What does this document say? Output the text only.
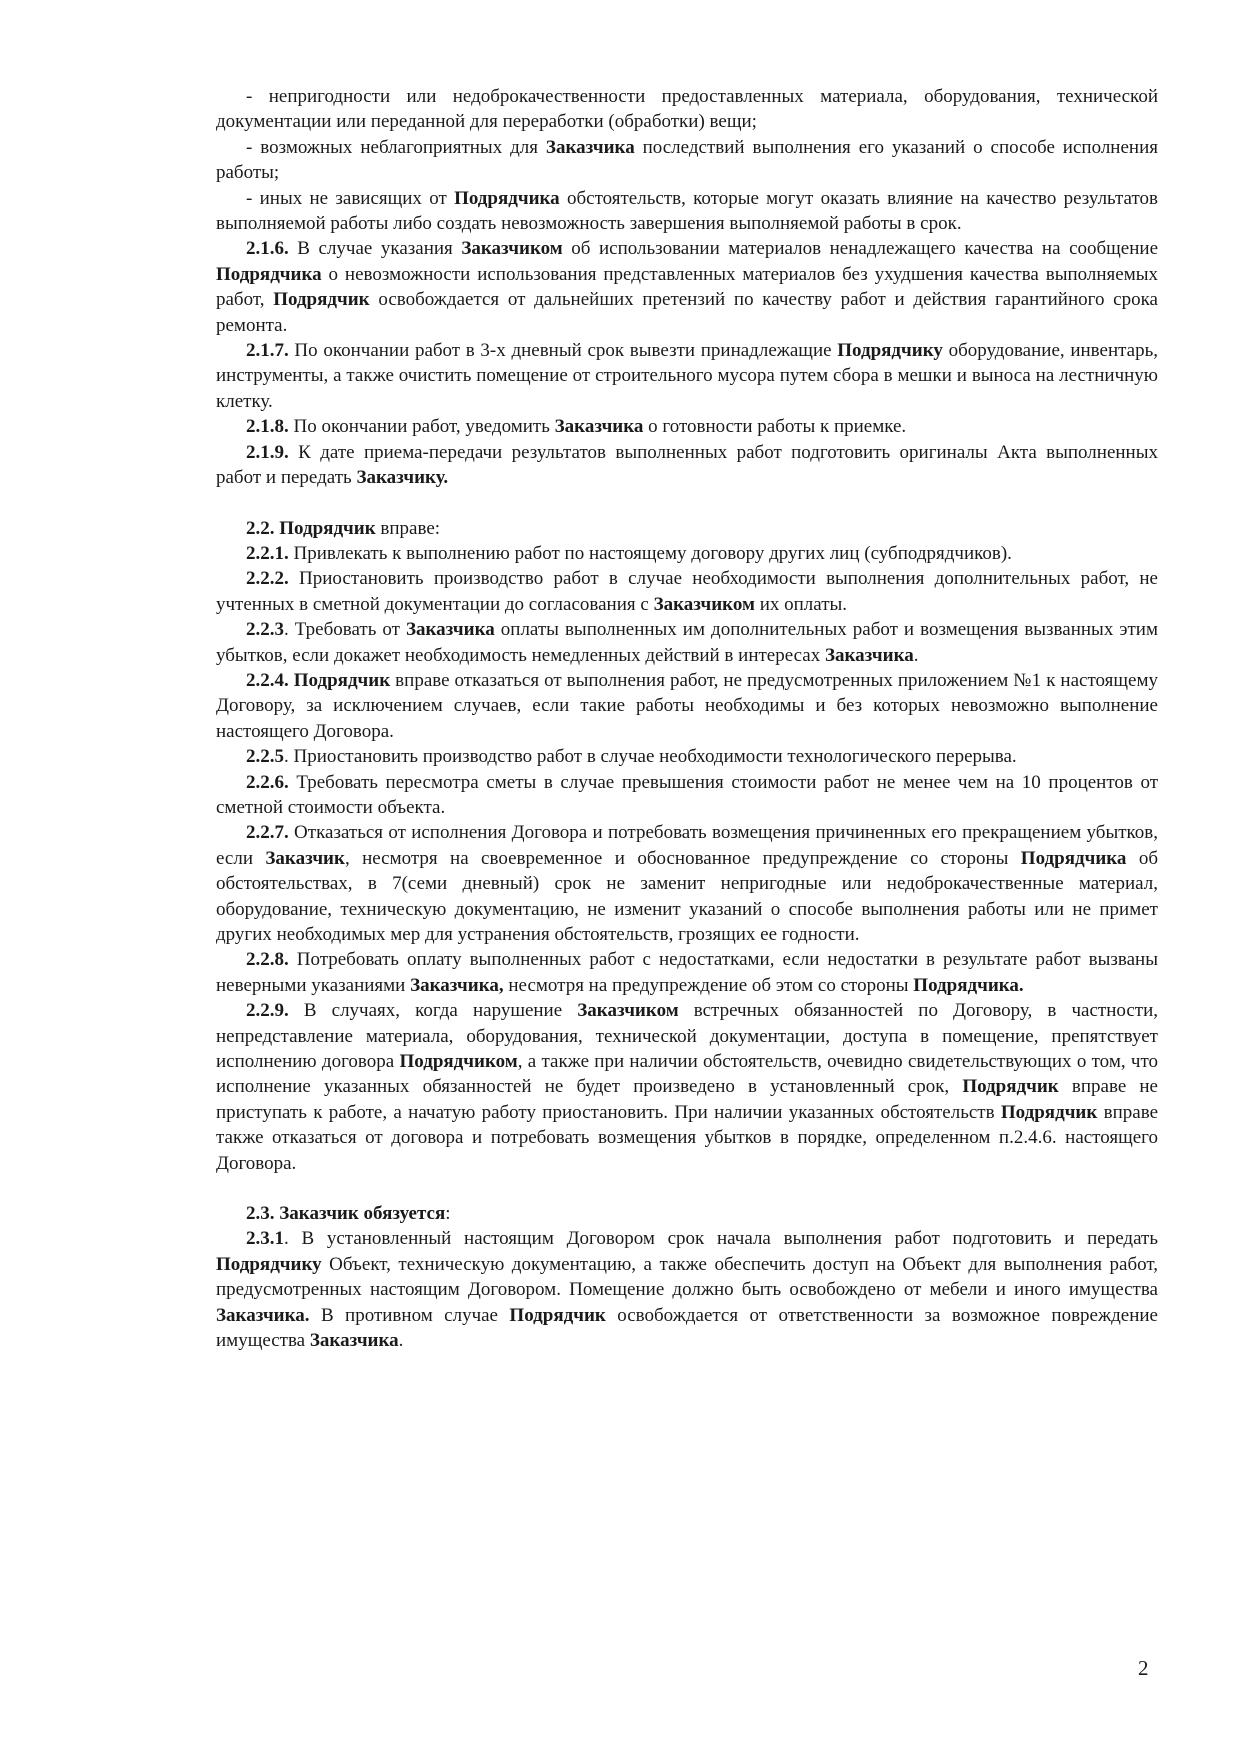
- непригодности или недоброкачественности предоставленных материала, оборудования, технической документации или переданной для переработки (обработки) вещи;

- возможных неблагоприятных для Заказчика последствий выполнения его указаний о способе исполнения работы;

- иных не зависящих от Подрядчика обстоятельств, которые могут оказать влияние на качество результатов выполняемой работы либо создать невозможность завершения выполняемой работы в срок.

2.1.6. В случае указания Заказчиком об использовании материалов ненадлежащего качества на сообщение Подрядчика о невозможности использования представленных материалов без ухудшения качества выполняемых работ, Подрядчик освобождается от дальнейших претензий по качеству работ и действия гарантийного срока ремонта.

2.1.7. По окончании работ в 3-х дневный срок вывезти принадлежащие Подрядчику оборудование, инвентарь, инструменты, а также очистить помещение от строительного мусора путем сбора в мешки и выноса на лестничную клетку.

2.1.8. По окончании работ, уведомить Заказчика о готовности работы к приемке.

2.1.9. К дате приема-передачи результатов выполненных работ подготовить оригиналы Акта выполненных работ и передать Заказчику.

2.2. Подрядчик вправе:

2.2.1. Привлекать к выполнению работ по настоящему договору других лиц (субподрядчиков).

2.2.2. Приостановить производство работ в случае необходимости выполнения дополнительных работ, не учтенных в сметной документации до согласования с Заказчиком их оплаты.

2.2.3. Требовать от Заказчика оплаты выполненных им дополнительных работ и возмещения вызванных этим убытков, если докажет необходимость немедленных действий в интересах Заказчика.

2.2.4. Подрядчик вправе отказаться от выполнения работ, не предусмотренных приложением №1 к настоящему Договору, за исключением случаев, если такие работы необходимы и без которых невозможно выполнение настоящего Договора.

2.2.5. Приостановить производство работ в случае необходимости технологического перерыва.

2.2.6. Требовать пересмотра сметы в случае превышения стоимости работ не менее чем на 10 процентов от сметной стоимости объекта.

2.2.7. Отказаться от исполнения Договора и потребовать возмещения причиненных его прекращением убытков, если Заказчик, несмотря на своевременное и обоснованное предупреждение со стороны Подрядчика об обстоятельствах, в 7(семи дневный) срок не заменит непригодные или недоброкачественные материал, оборудование, техническую документацию, не изменит указаний о способе выполнения работы или не примет других необходимых мер для устранения обстоятельств, грозящих ее годности.

2.2.8. Потребовать оплату выполненных работ с недостатками, если недостатки в результате работ вызваны неверными указаниями Заказчика, несмотря на предупреждение об этом со стороны Подрядчика.

2.2.9. В случаях, когда нарушение Заказчиком встречных обязанностей по Договору, в частности, непредставление материала, оборудования, технической документации, доступа в помещение, препятствует исполнению договора Подрядчиком, а также при наличии обстоятельств, очевидно свидетельствующих о том, что исполнение указанных обязанностей не будет произведено в установленный срок, Подрядчик вправе не приступать к работе, а начатую работу приостановить. При наличии указанных обстоятельств Подрядчик вправе также отказаться от договора и потребовать возмещения убытков в порядке, определенном п.2.4.6. настоящего Договора.

2.3. Заказчик обязуется:

2.3.1. В установленный настоящим Договором срок начала выполнения работ подготовить и передать Подрядчику Объект, техническую документацию, а также обеспечить доступ на Объект для выполнения работ, предусмотренных настоящим Договором. Помещение должно быть освобождено от мебели и иного имущества Заказчика. В противном случае Подрядчик освобождается от ответственности за возможное повреждение имущества Заказчика.

2
